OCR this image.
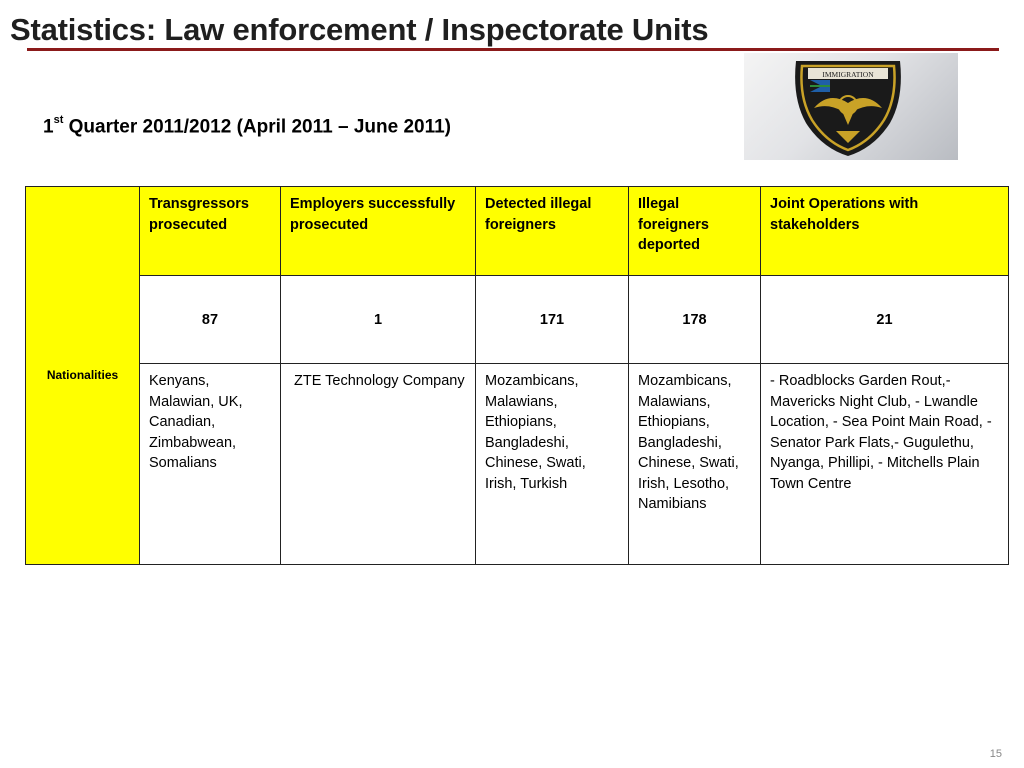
Statistics: Law enforcement / Inspectorate Units
1st Quarter 2011/2012 (April 2011 – June 2011)
IMMIGRATION
Nationalities	Transgressors prosecuted	Employers successfully prosecuted	Detected illegal foreigners	Illegal foreigners deported	Joint Operations with stakeholders
	87	1	171	178	21
	Kenyans, Malawian, UK, Canadian, Zimbabwean, Somalians	ZTE Technology Company	Mozambicans, Malawians, Ethiopians, Bangladeshi, Chinese, Swati, Irish, Turkish	Mozambicans, Malawians, Ethiopians, Bangladeshi, Chinese, Swati, Irish, Lesotho, Namibians	- Roadblocks Garden Rout,- Mavericks Night Club, - Lwandle Location, - Sea Point Main Road, - Senator Park Flats,- Gugulethu, Nyanga, Phillipi, - Mitchells Plain Town Centre
15
